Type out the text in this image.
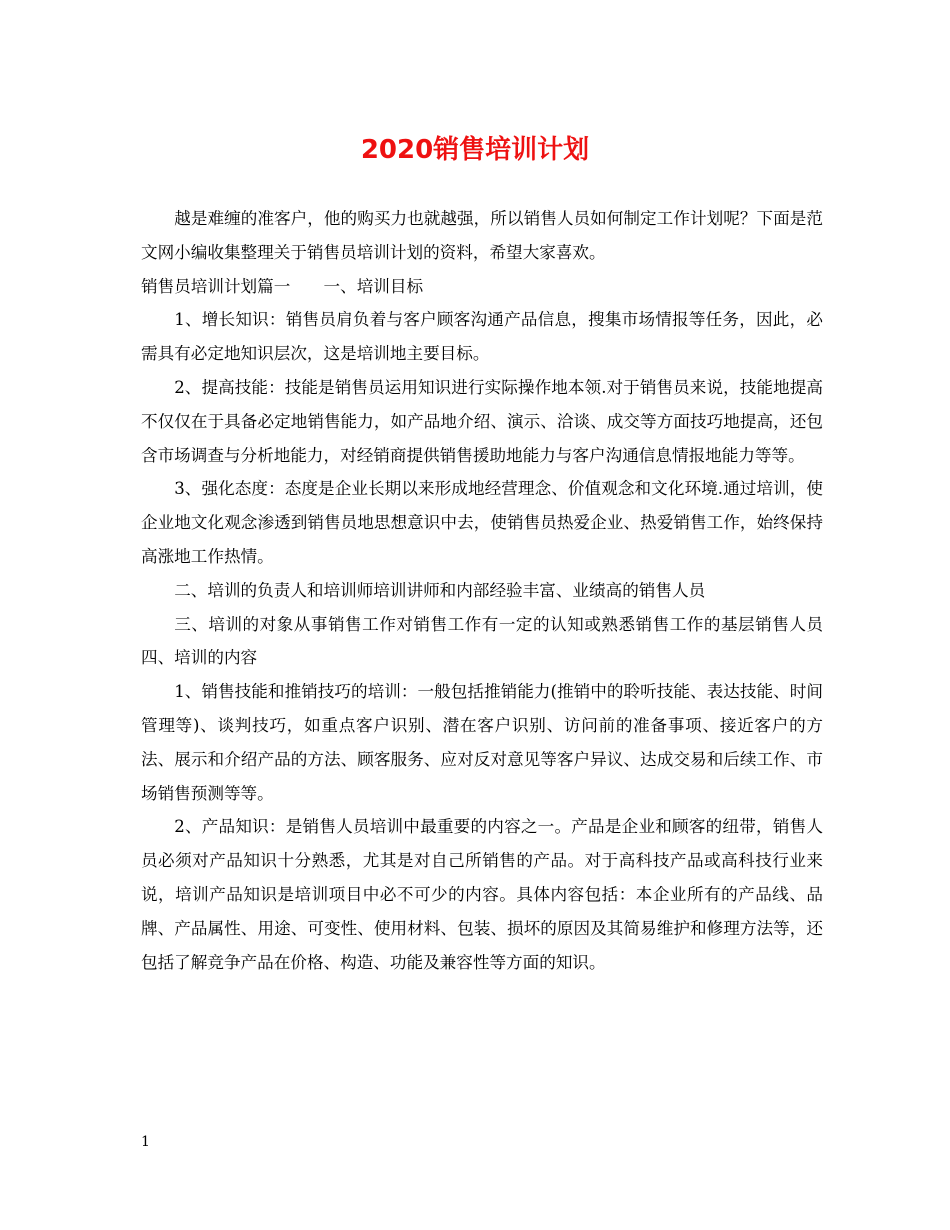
2020销售培训计划

越是难缠的准客户，他的购买力也就越强，所以销售人员如何制定工作计划呢？下面是范文网小编收集整理关于销售员培训计划的资料，希望大家喜欢。

销售员培训计划篇一　　一、培训目标

1、增长知识：销售员肩负着与客户顾客沟通产品信息，搜集市场情报等任务，因此，必需具有必定地知识层次，这是培训地主要目标。

2、提高技能：技能是销售员运用知识进行实际操作地本领.对于销售员来说，技能地提高不仅仅在于具备必定地销售能力，如产品地介绍、演示、洽谈、成交等方面技巧地提高，还包含市场调查与分析地能力，对经销商提供销售援助地能力与客户沟通信息情报地能力等等。

3、强化态度：态度是企业长期以来形成地经营理念、价值观念和文化环境.通过培训，使企业地文化观念渗透到销售员地思想意识中去，使销售员热爱企业、热爱销售工作，始终保持高涨地工作热情。

二、培训的负责人和培训师培训讲师和内部经验丰富、业绩高的销售人员

三、培训的对象从事销售工作对销售工作有一定的认知或熟悉销售工作的基层销售人员四、培训的内容

1、销售技能和推销技巧的培训：一般包括推销能力(推销中的聆听技能、表达技能、时间管理等)、谈判技巧，如重点客户识别、潜在客户识别、访问前的准备事项、接近客户的方法、展示和介绍产品的方法、顾客服务、应对反对意见等客户异议、达成交易和后续工作、市场销售预测等等。

2、产品知识：是销售人员培训中最重要的内容之一。产品是企业和顾客的纽带，销售人员必须对产品知识十分熟悉，尤其是对自己所销售的产品。对于高科技产品或高科技行业来说，培训产品知识是培训项目中必不可少的内容。具体内容包括：本企业所有的产品线、品牌、产品属性、用途、可变性、使用材料、包装、损坏的原因及其简易维护和修理方法等，还包括了解竞争产品在价格、构造、功能及兼容性等方面的知识。

1
